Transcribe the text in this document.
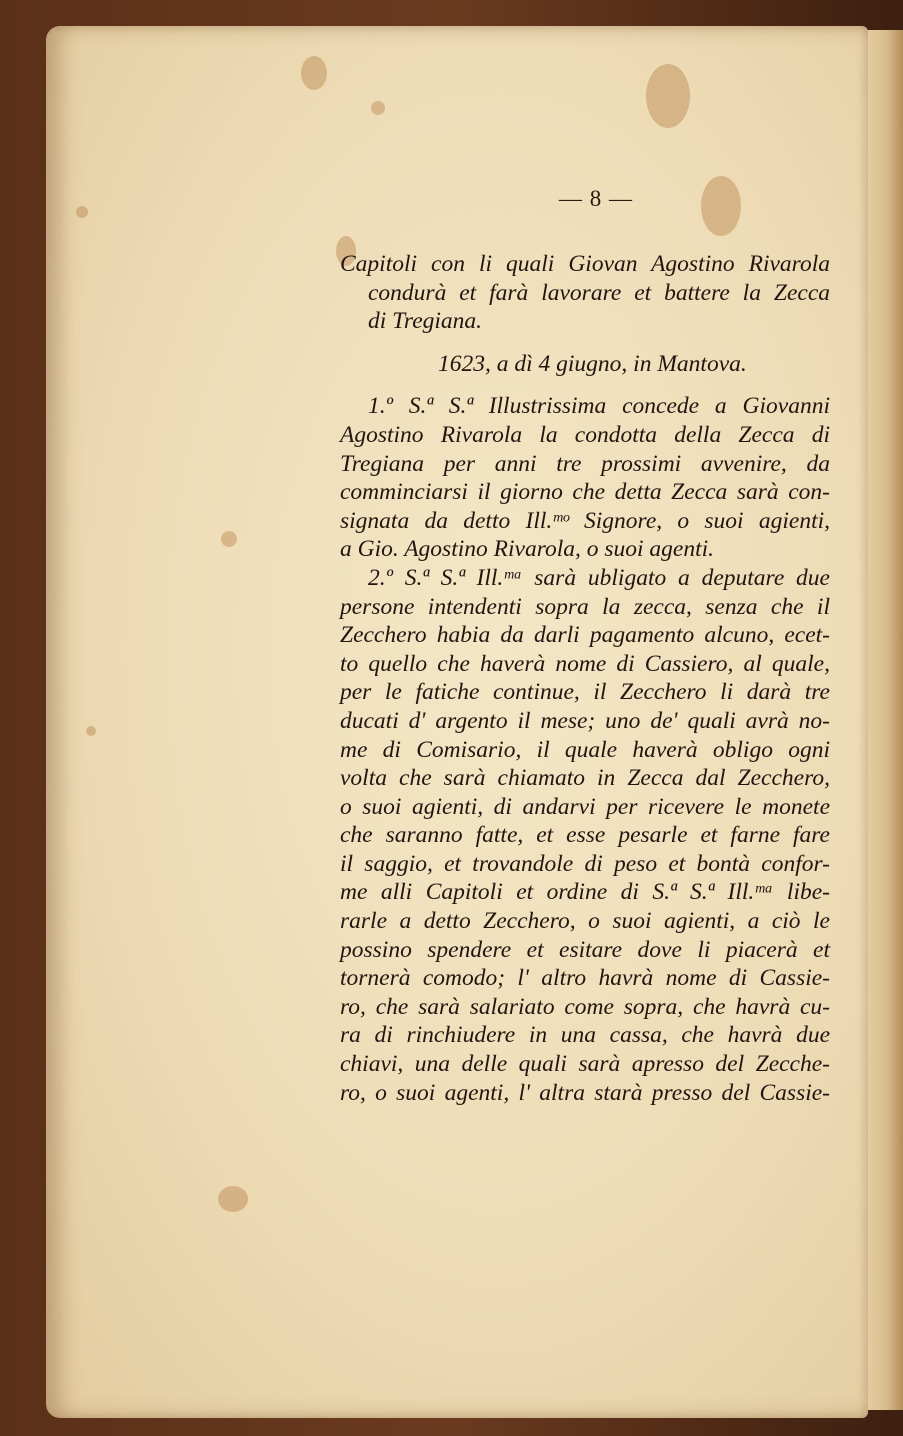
— 8 —
Capitoli con li quali Giovan Agostino Rivarola
condurà et farà lavorare et battere la Zecca
di Tregiana.
1623, a dì 4 giugno, in Mantova.
1.º S.ª S.ª Illustrissima concede a Giovanni
Agostino Rivarola la condotta della Zecca di
Tregiana per anni tre prossimi avvenire, da
comminciarsi il giorno che detta Zecca sarà con-
signata da detto Ill.ᵐᵒ Signore, o suoi agienti,
a Gio. Agostino Rivarola, o suoi agenti.
2.º S.ª S.ª Ill.ᵐᵃ sarà ubligato a deputare due
persone intendenti sopra la zecca, senza che il
Zecchero habia da darli pagamento alcuno, ecet-
to quello che haverà nome di Cassiero, al quale,
per le fatiche continue, il Zecchero li darà tre
ducati d' argento il mese; uno de' quali avrà no-
me di Comisario, il quale haverà obligo ogni
volta che sarà chiamato in Zecca dal Zecchero,
o suoi agienti, di andarvi per ricevere le monete
che saranno fatte, et esse pesarle et farne fare
il saggio, et trovandole di peso et bontà confor-
me alli Capitoli et ordine di S.ª S.ª Ill.ᵐᵃ libe-
rarle a detto Zecchero, o suoi agienti, a ciò le
possino spendere et esitare dove li piacerà et
tornerà comodo; l' altro havrà nome di Cassie-
ro, che sarà salariato come sopra, che havrà cu-
ra di rinchiudere in una cassa, che havrà due
chiavi, una delle quali sarà apresso del Zecche-
ro, o suoi agenti, l' altra starà presso del Cassie-
